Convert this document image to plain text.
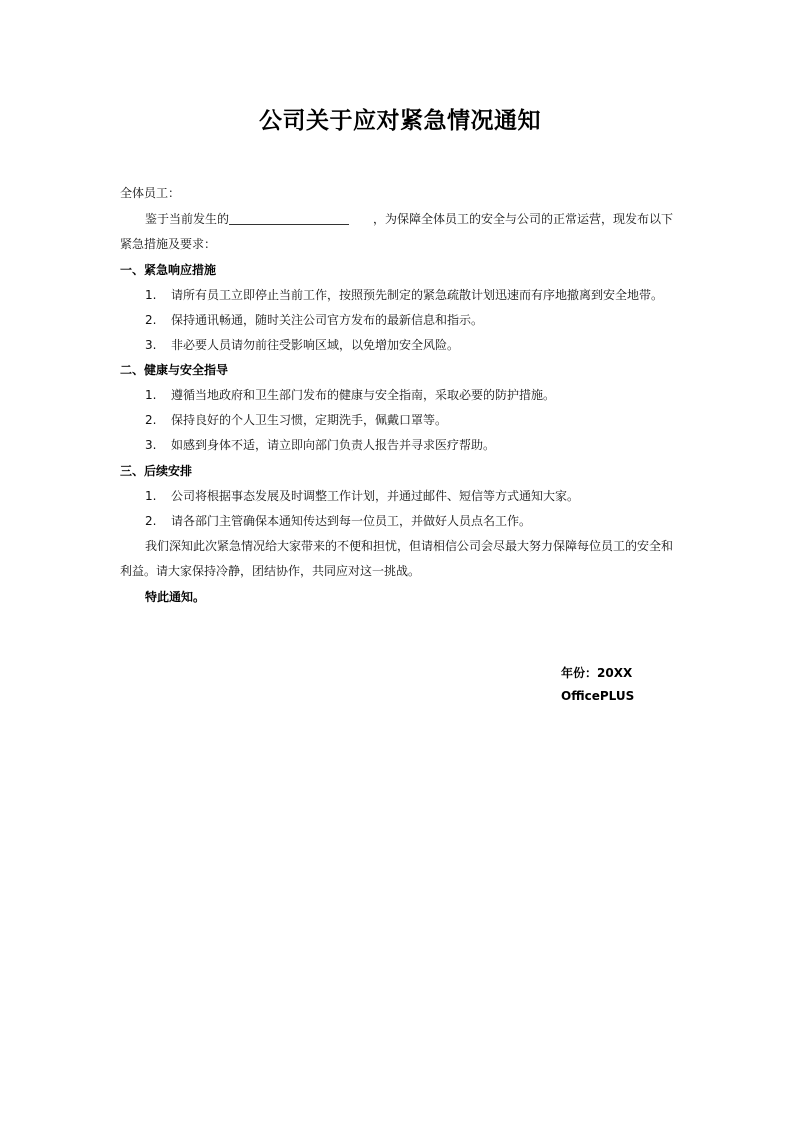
公司关于应对紧急情况通知
全体员工：
鉴于当前发生的	，为保障全体员工的安全与公司的正常运营，现发布以下
紧急措施及要求：
一、紧急响应措施
1. 请所有员工立即停止当前工作，按照预先制定的紧急疏散计划迅速而有序地撤离到安全地带。
2. 保持通讯畅通，随时关注公司官方发布的最新信息和指示。
3. 非必要人员请勿前往受影响区域，以免增加安全风险。
二、健康与安全指导
1. 遵循当地政府和卫生部门发布的健康与安全指南，采取必要的防护措施。
2. 保持良好的个人卫生习惯，定期洗手，佩戴口罩等。
3. 如感到身体不适，请立即向部门负责人报告并寻求医疗帮助。
三、后续安排
1. 公司将根据事态发展及时调整工作计划，并通过邮件、短信等方式通知大家。
2. 请各部门主管确保本通知传达到每一位员工，并做好人员点名工作。
我们深知此次紧急情况给大家带来的不便和担忧，但请相信公司会尽最大努力保障每位员工的安全和
利益。请大家保持冷静，团结协作，共同应对这一挑战。
特此通知。
年份：20XX
OfficePLUS
